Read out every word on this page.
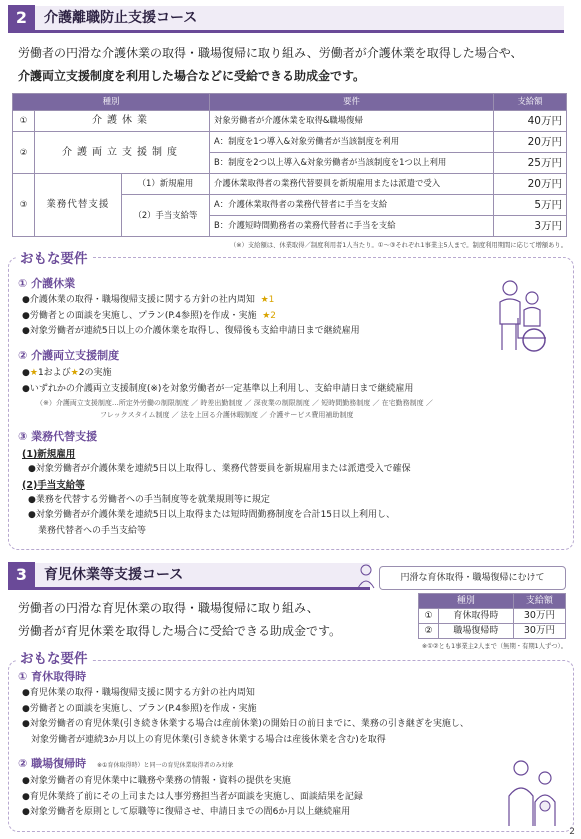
2	介護離職防止支援コース
労働者の円滑な介護休業の取得・職場復帰に取り組み、労働者が介護休業を取得した場合や、
介護両立支援制度を利用した場合などに受給できる助成金です。
種別			要件	支給額
①	介護休業		対象労働者が介護休業を取得&職場復帰	40万円
②	介護両立支援制度		A：制度を1つ導入&対象労働者が当該制度を利用	20万円
			B：制度を2つ以上導入&対象労働者が当該制度を1つ以上利用	25万円
③	業務代替支援	（1）新規雇用	介護休業取得者の業務代替要員を新規雇用または派遣で受入	20万円
		（2）手当支給等	A：介護休業取得者の業務代替者に手当を支給	5万円
			B：介護短時間勤務者の業務代替者に手当を支給	3万円
（※）支給額は、休業取得／制度利用者1人当たり。①～③それぞれ1事業主5人まで。制度利用期間に応じて増額あり。
おもな要件
① 介護休業
●介護休業の取得・職場復帰支援に関する方針の社内周知 ★1
●労働者との面談を実施し、プラン(P.4参照)を作成・実施 ★2
●対象労働者が連続5日以上の介護休業を取得し、復帰後も支給申請日まで継続雇用
② 介護両立支援制度
●★1および★2の実施
●いずれかの介護両立支援制度(※)を対象労働者が一定基準以上利用し、支給申請日まで継続雇用
（※）介護両立支援制度…所定外労働の制限制度 ／ 時差出勤制度 ／ 深夜業の制限制度 ／ 短時間勤務制度 ／ 在宅勤務制度 ／
フレックスタイム制度 ／ 法を上回る介護休暇制度 ／ 介護サービス費用補助制度
③ 業務代替支援
(1)新規雇用
●対象労働者が介護休業を連続5日以上取得し、業務代替要員を新規雇用または派遣受入で確保
(2)手当支給等
●業務を代替する労働者への手当制度等を就業規則等に規定
●対象労働者が介護休業を連続5日以上取得または短時間勤務制度を合計15日以上利用し、
業務代替者への手当支給等
3	育児休業等支援コース	円滑な育休取得・職場復帰にむけて
労働者の円滑な育児休業の取得・職場復帰に取り組み、
労働者が育児休業を取得した場合に受給できる助成金です。
種別		支給額
①	育休取得時	30万円
②	職場復帰時	30万円
※①②とも1事業主2人まで（無期・有期1人ずつ）。
おもな要件
① 育休取得時
●育児休業の取得・職場復帰支援に関する方針の社内周知
●労働者との面談を実施し、プラン(P.4参照)を作成・実施
●対象労働者の育児休業(引き続き休業する場合は産前休業)の開始日の前日までに、業務の引き継ぎを実施し、
　対象労働者が連続3か月以上の育児休業(引き続き休業する場合は産後休業を含む)を取得
② 職場復帰時 ※①育休取得時）と同一の育児休業取得者のみ対象
●対象労働者の育児休業中に職務や業務の情報・資料の提供を実施
●育児休業終了前にその上司または人事労務担当者が面談を実施し、面談結果を記録
●対象労働者を原則として原職等に復帰させ、申請日までの間6か月以上継続雇用
2
